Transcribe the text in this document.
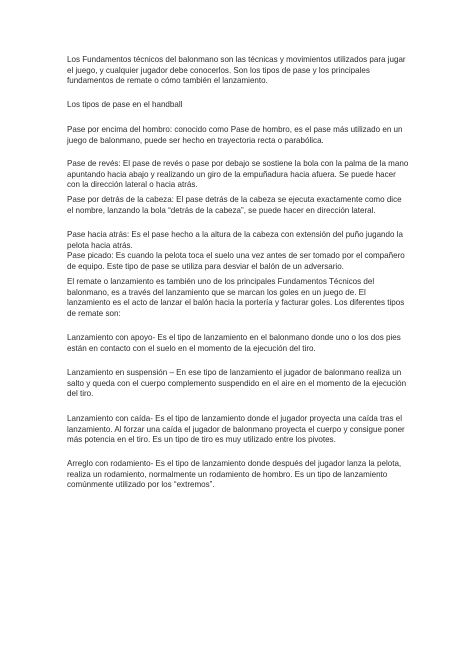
Los Fundamentos técnicos del balonmano son las técnicas y movimientos utilizados para jugar
el juego, y cualquier jugador debe conocerlos. Son los tipos de pase y los principales
fundamentos de remate o cómo también el lanzamiento.

Los tipos de pase en el handball

Pase por encima del hombro: conocido como Pase de hombro, es el pase más utilizado en un
juego de balonmano, puede ser hecho en trayectoria recta o parabólica.

Pase de revés: El pase de revés o pase por debajo se sostiene la bola con la palma de la mano
apuntando hacia abajo y realizando un giro de la empuñadura hacia afuera. Se puede hacer
con la dirección lateral o hacia atrás.

Pase por detrás de la cabeza: El pase detrás de la cabeza se ejecuta exactamente como dice
el nombre, lanzando la bola “detrás de la cabeza”, se puede hacer en dirección lateral.

Pase hacia atrás: Es el pase hecho a la altura de la cabeza con extensión del puño jugando la
pelota hacia atrás.
Pase picado: Es cuando la pelota toca el suelo una vez antes de ser tomado por el compañero
de equipo. Este tipo de pase se utiliza para desviar el balón de un adversario.

El remate o lanzamiento es también uno de los principales Fundamentos Técnicos del
balonmano, es a través del lanzamiento que se marcan los goles en un juego de. El
lanzamiento es el acto de lanzar el balón hacia la portería y facturar goles. Los diferentes tipos
de remate son:

Lanzamiento con apoyo- Es el tipo de lanzamiento en el balonmano donde uno o los dos pies
están en contacto con el suelo en el momento de la ejecución del tiro.

Lanzamiento en suspensión – En ese tipo de lanzamiento el jugador de balonmano realiza un
salto y queda con el cuerpo complemento suspendido en el aire en el momento de la ejecución
del tiro.

Lanzamiento con caída- Es el tipo de lanzamiento donde el jugador proyecta una caída tras el
lanzamiento. Al forzar una caída el jugador de balonmano proyecta el cuerpo y consigue poner
más potencia en el tiro. Es un tipo de tiro es muy utilizado entre los pivotes.

Arreglo con rodamiento- Es el tipo de lanzamiento donde después del jugador lanza la pelota,
realiza un rodamiento, normalmente un rodamiento de hombro. Es un tipo de lanzamiento
comúnmente utilizado por los “extremos”.
